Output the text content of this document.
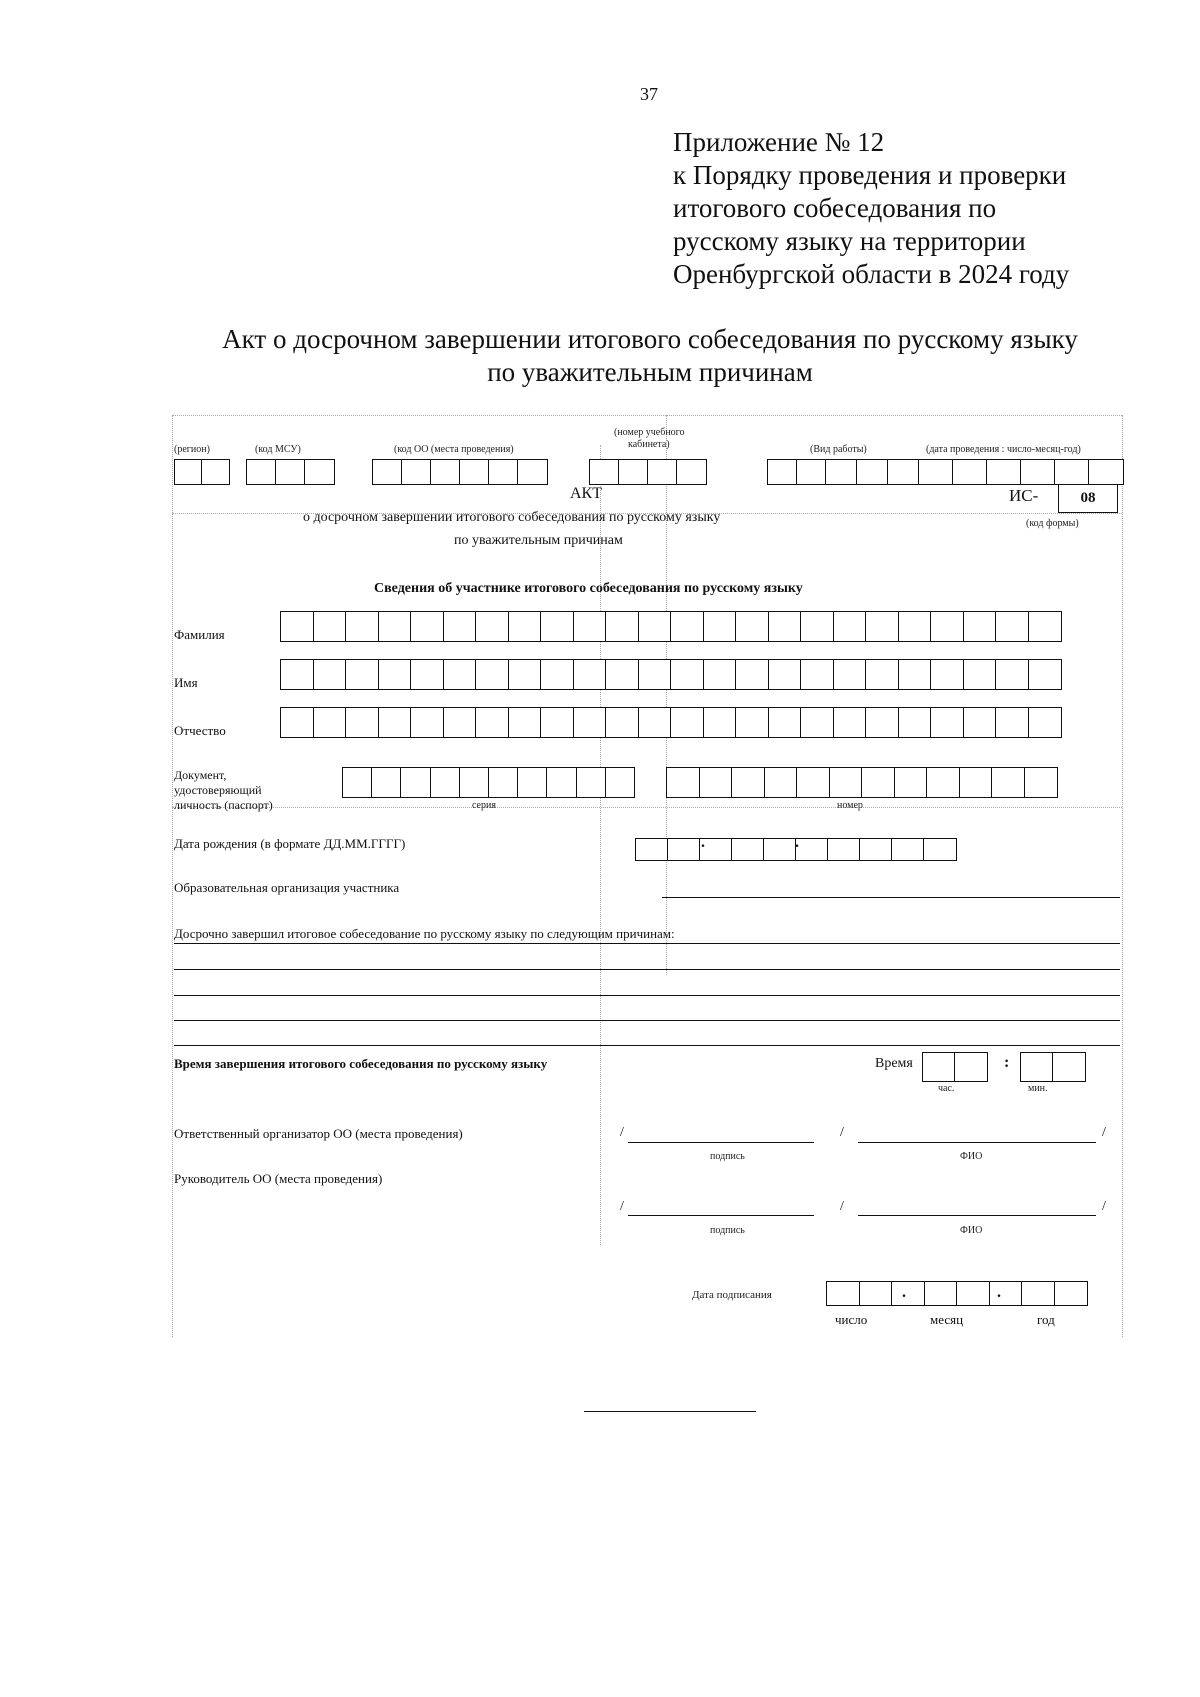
37
Приложение № 12
к Порядку проведения и проверки
итогового собеседования по
русскому языку на территории
Оренбургской области в 2024 году
Акт о досрочном завершении итогового собеседования по русскому языку
по уважительным причинам
(регион)	(код МСУ)	(код ОО (места проведения)
(номер учебного
кабинета)	(Вид работы)	(дата проведения : число-месяц-год)
АКТ
о досрочном завершении итогового собеседования по русскому языку
по уважительным причинам
ИС-	08
(код формы)
Сведения об участнике итогового собеседования по русскому языку
Фамилия
Имя
Отчество
Документ,
удостоверяющий
личность (паспорт)	серия	номер
Дата рождения (в формате ДД.ММ.ГГГГ)	.	.
Образовательная организация участника
Досрочно завершил итоговое собеседование по русскому языку по следующим причинам:
Время завершения итогового собеседования по русскому языку	Время	:
час.	мин.
Ответственный организатор ОО (места проведения)	/	/	/
подпись	ФИО
Руководитель ОО (места проведения)
/	/	/
подпись	ФИО
Дата подписания	.	.
число	месяц	год
